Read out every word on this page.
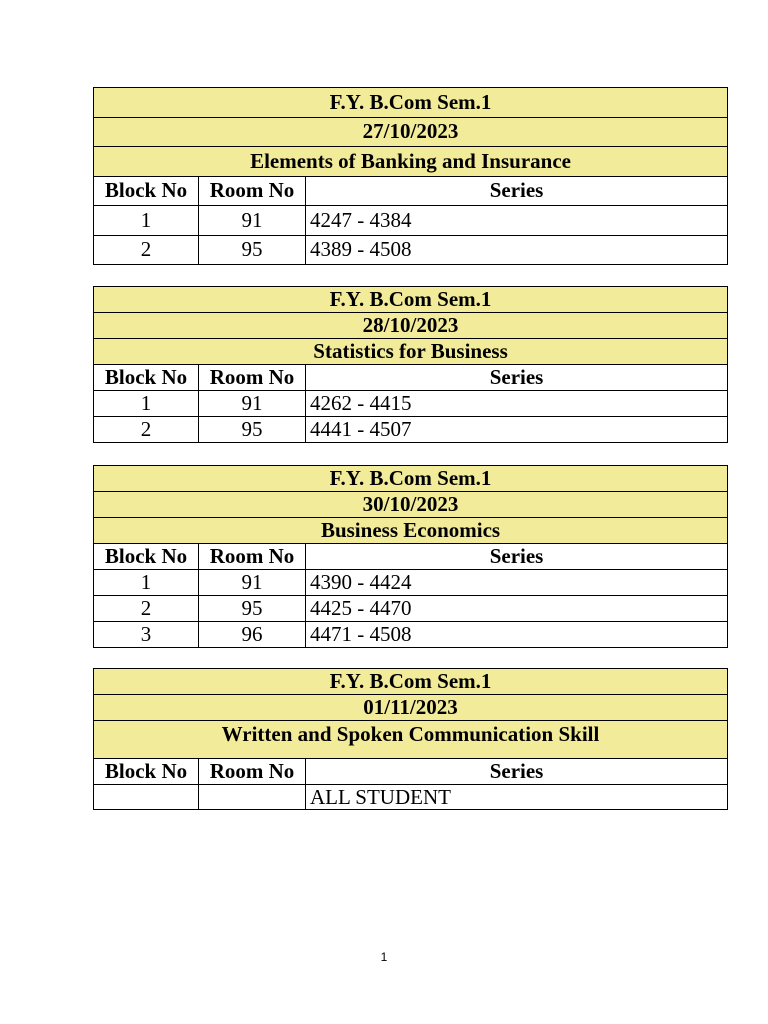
F.Y. B.Com Sem.1		
27/10/2023		
Elements of Banking and Insurance		
Block No	Room No	Series
1	91	4247 - 4384
2	95	4389 - 4508
F.Y. B.Com Sem.1		
28/10/2023		
Statistics for Business		
Block No	Room No	Series
1	91	4262 - 4415
2	95	4441 - 4507
F.Y. B.Com Sem.1		
30/10/2023		
Business Economics		
Block No	Room No	Series
1	91	4390 - 4424
2	95	4425 - 4470
3	96	4471 - 4508
F.Y. B.Com Sem.1		
01/11/2023		
Written and Spoken Communication Skill		
Block No	Room No	Series
		ALL STUDENT
1
